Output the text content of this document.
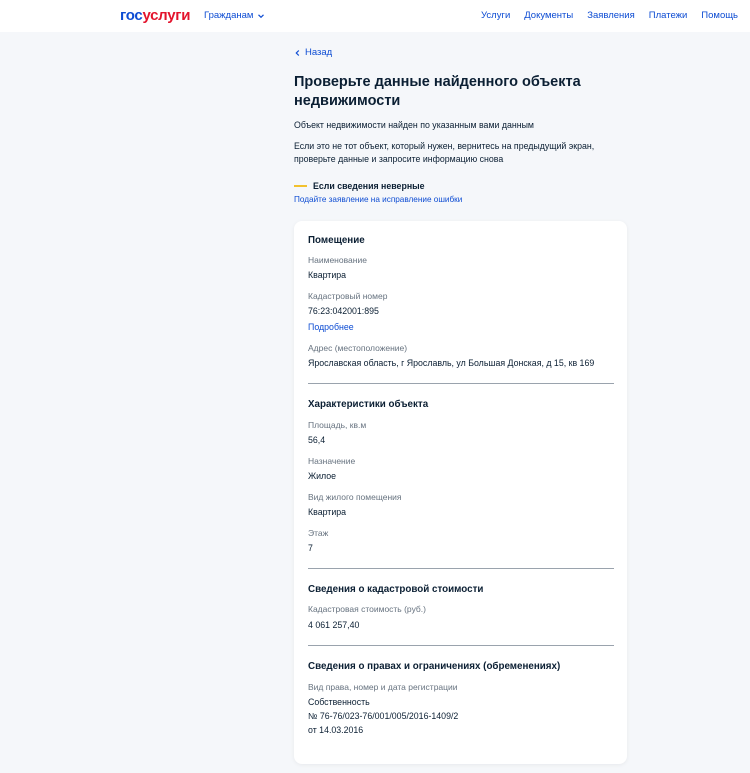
госуслуги Гражданам	Услуги Документы Заявления Платежи Помощь
Назад
Проверьте данные найденного объекта недвижимости

Объект недвижимости найден по указанным вами данным

Если это не тот объект, который нужен, вернитесь на предыдущий экран, проверьте данные и запросите информацию снова

Если сведения неверные
Подайте заявление на исправление ошибки
Помещение
Наименование
Квартира
Кадастровый номер
76:23:042001:895
Подробнее
Адрес (местоположение)
Ярославская область, г Ярославль, ул Большая Донская, д 15, кв 169
Характеристики объекта
Площадь, кв.м
56,4
Назначение
Жилое
Вид жилого помещения
Квартира
Этаж
7
Сведения о кадастровой стоимости
Кадастровая стоимость (руб.)
4 061 257,40
Сведения о правах и ограничениях (обременениях)
Вид права, номер и дата регистрации
Собственность
№ 76-76/023-76/001/005/2016-1409/2
от 14.03.2016
